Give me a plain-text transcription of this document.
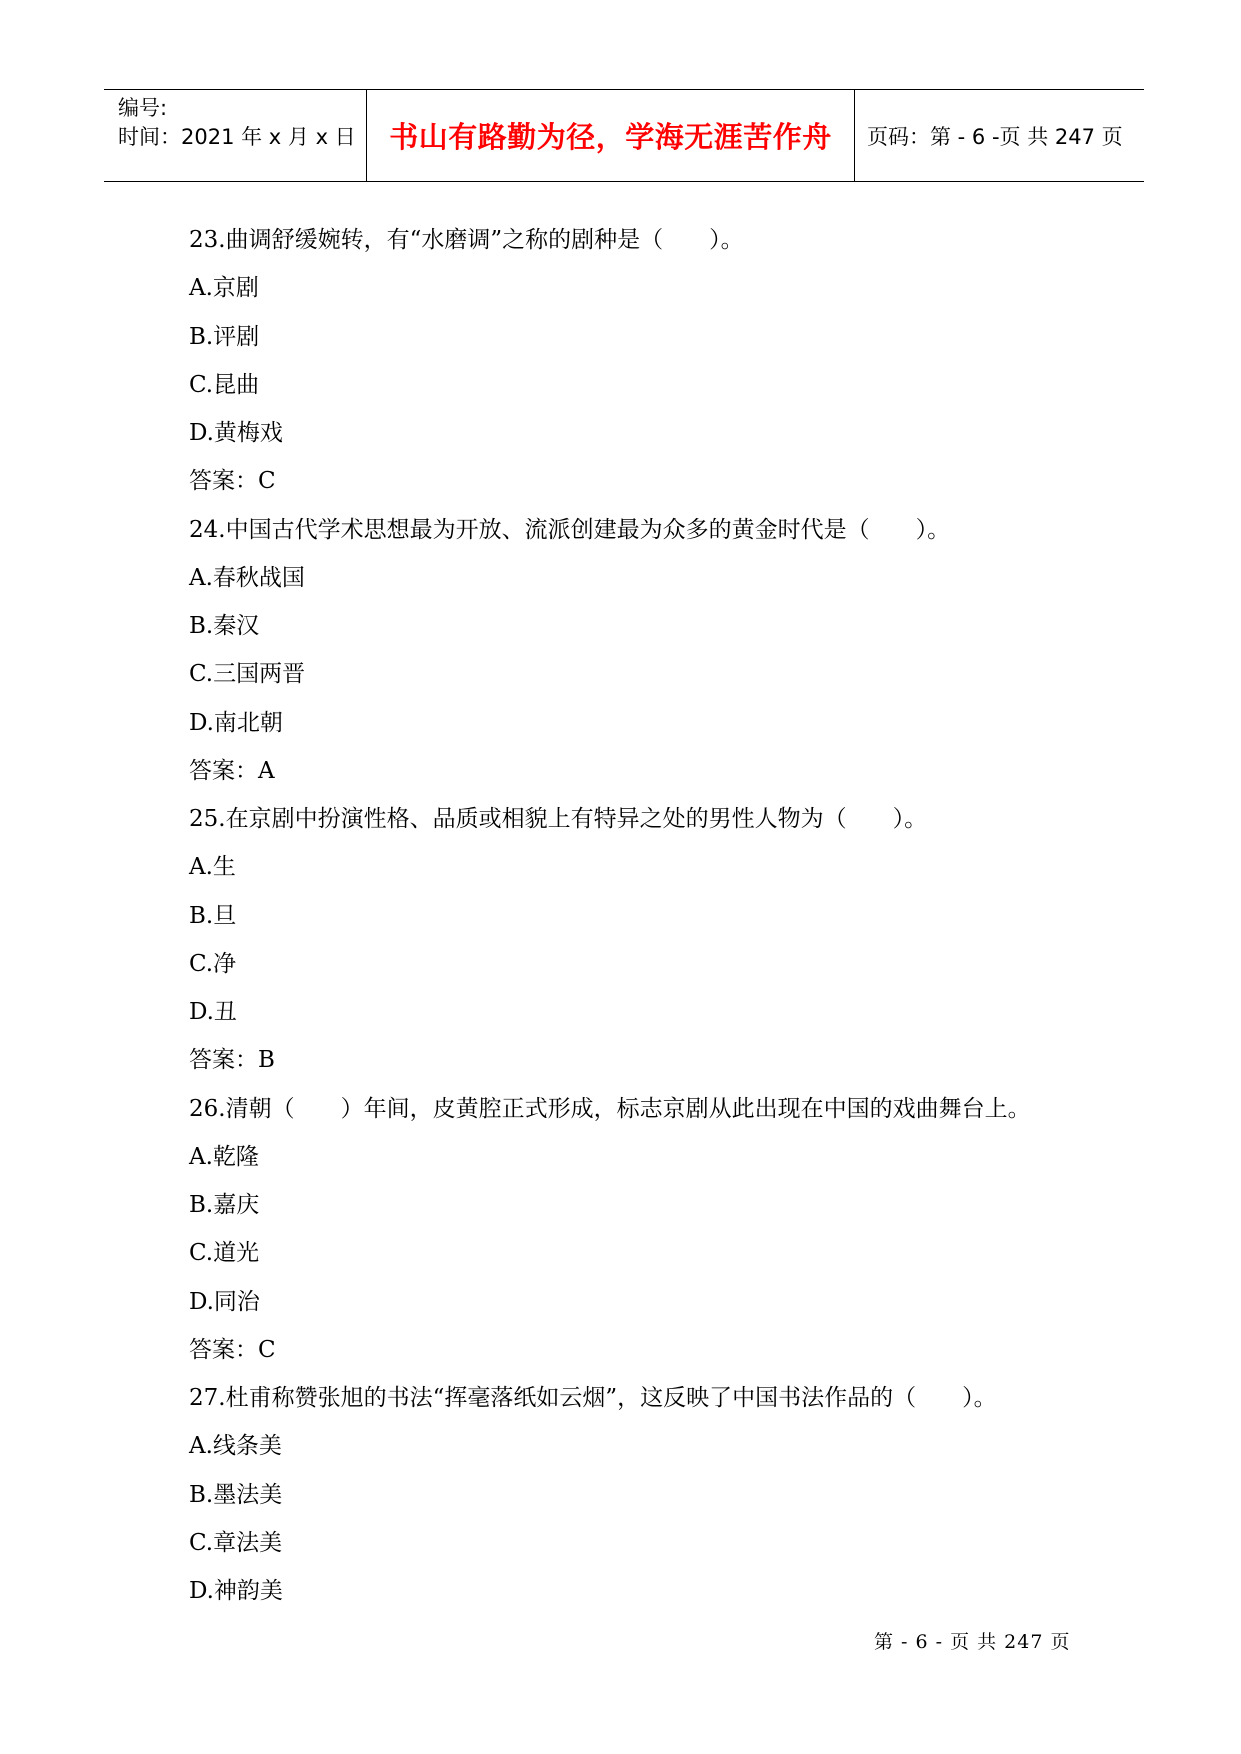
编号:
时间：2021 年 x 月 x 日	书山有路勤为径，学海无涯苦作舟	页码：第 - 6 -页 共 247 页
23.曲调舒缓婉转，有“水磨调”之称的剧种是（　　）。
A.京剧
B.评剧
C.昆曲
D.黄梅戏
答案：C
24.中国古代学术思想最为开放、流派创建最为众多的黄金时代是（　　）。
A.春秋战国
B.秦汉
C.三国两晋
D.南北朝
答案：A
25.在京剧中扮演性格、品质或相貌上有特异之处的男性人物为（　　）。
A.生
B.旦
C.净
D.丑
答案：B
26.清朝（　　）年间，皮黄腔正式形成，标志京剧从此出现在中国的戏曲舞台上。
A.乾隆
B.嘉庆
C.道光
D.同治
答案：C
27.杜甫称赞张旭的书法“挥毫落纸如云烟”，这反映了中国书法作品的（　　）。
A.线条美
B.墨法美
C.章法美
D.神韵美
第 - 6 - 页 共 247 页
